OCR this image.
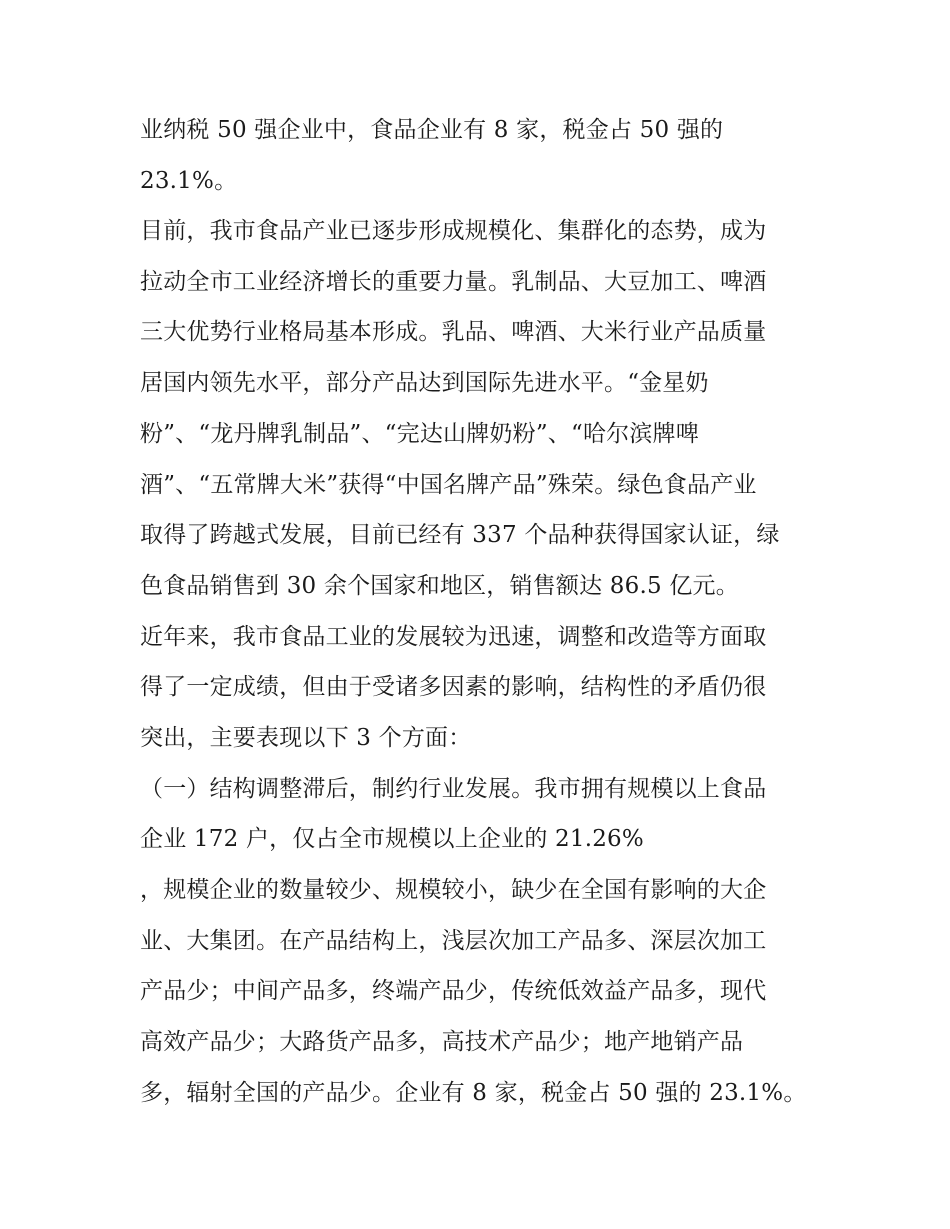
业纳税 50 强企业中，食品企业有 8 家，税金占 50 强的
23.1%。
目前，我市食品产业已逐步形成规模化、集群化的态势，成为
拉动全市工业经济增长的重要力量。乳制品、大豆加工、啤酒
三大优势行业格局基本形成。乳品、啤酒、大米行业产品质量
居国内领先水平，部分产品达到国际先进水平。“金星奶
粉”、“龙丹牌乳制品”、“完达山牌奶粉”、“哈尔滨牌啤
酒”、“五常牌大米”获得“中国名牌产品”殊荣。绿色食品产业
取得了跨越式发展，目前已经有 337 个品种获得国家认证，绿
色食品销售到 30 余个国家和地区，销售额达 86.5 亿元。
近年来，我市食品工业的发展较为迅速，调整和改造等方面取
得了一定成绩，但由于受诸多因素的影响，结构性的矛盾仍很
突出，主要表现以下 3 个方面：
（一）结构调整滞后，制约行业发展。我市拥有规模以上食品
企业 172 户，仅占全市规模以上企业的 21.26%
，规模企业的数量较少、规模较小，缺少在全国有影响的大企
业、大集团。在产品结构上，浅层次加工产品多、深层次加工
产品少；中间产品多，终端产品少，传统低效益产品多，现代
高效产品少；大路货产品多，高技术产品少；地产地销产品
多，辐射全国的产品少。企业有 8 家，税金占 50 强的 23.1%。
